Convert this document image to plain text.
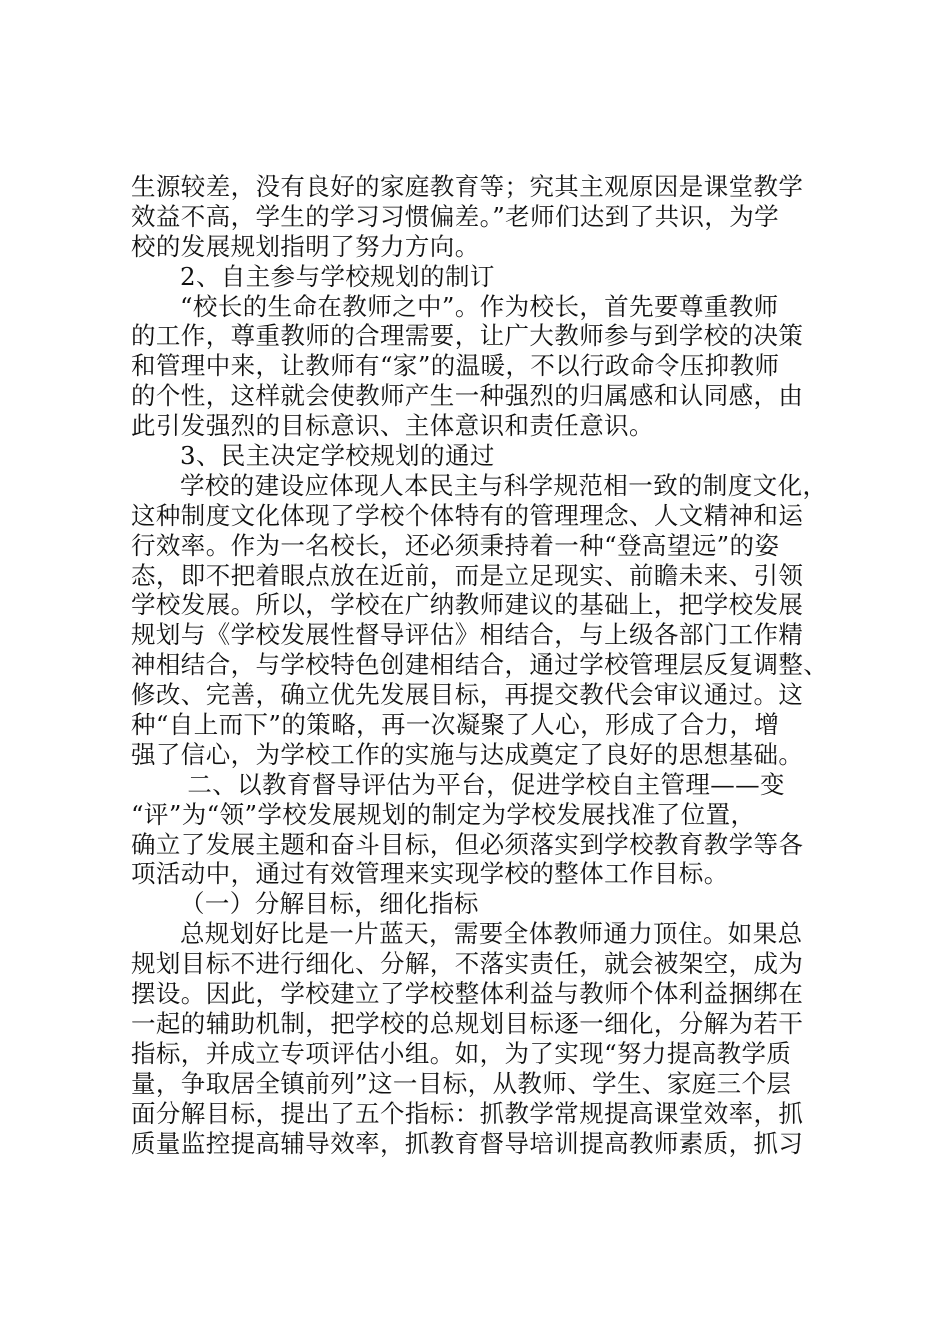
生源较差，没有良好的家庭教育等；究其主观原因是课堂教学
效益不高，学生的学习习惯偏差。”老师们达到了共识，为学
校的发展规划指明了努力方向。
2、自主参与学校规划的制订
“校长的生命在教师之中”。作为校长，首先要尊重教师
的工作，尊重教师的合理需要，让广大教师参与到学校的决策
和管理中来，让教师有“家”的温暖，不以行政命令压抑教师
的个性，这样就会使教师产生一种强烈的归属感和认同感，由
此引发强烈的目标意识、主体意识和责任意识。
3、民主决定学校规划的通过
学校的建设应体现人本民主与科学规范相一致的制度文化，
这种制度文化体现了学校个体特有的管理理念、人文精神和运
行效率。作为一名校长，还必须秉持着一种“登高望远”的姿
态，即不把着眼点放在近前，而是立足现实、前瞻未来、引领
学校发展。所以，学校在广纳教师建议的基础上，把学校发展
规划与《学校发展性督导评估》相结合，与上级各部门工作精
神相结合，与学校特色创建相结合，通过学校管理层反复调整、
修改、完善，确立优先发展目标，再提交教代会审议通过。这
种“自上而下”的策略，再一次凝聚了人心，形成了合力，增
强了信心，为学校工作的实施与达成奠定了良好的思想基础。
二、以教育督导评估为平台，促进学校自主管理——变
“评”为“领”学校发展规划的制定为学校发展找准了位置，
确立了发展主题和奋斗目标，但必须落实到学校教育教学等各
项活动中，通过有效管理来实现学校的整体工作目标。
（一）分解目标，细化指标
总规划好比是一片蓝天，需要全体教师通力顶住。如果总
规划目标不进行细化、分解，不落实责任，就会被架空，成为
摆设。因此，学校建立了学校整体利益与教师个体利益捆绑在
一起的辅助机制，把学校的总规划目标逐一细化，分解为若干
指标，并成立专项评估小组。如，为了实现“努力提高教学质
量，争取居全镇前列”这一目标，从教师、学生、家庭三个层
面分解目标，提出了五个指标：抓教学常规提高课堂效率，抓
质量监控提高辅导效率，抓教育督导培训提高教师素质，抓习
